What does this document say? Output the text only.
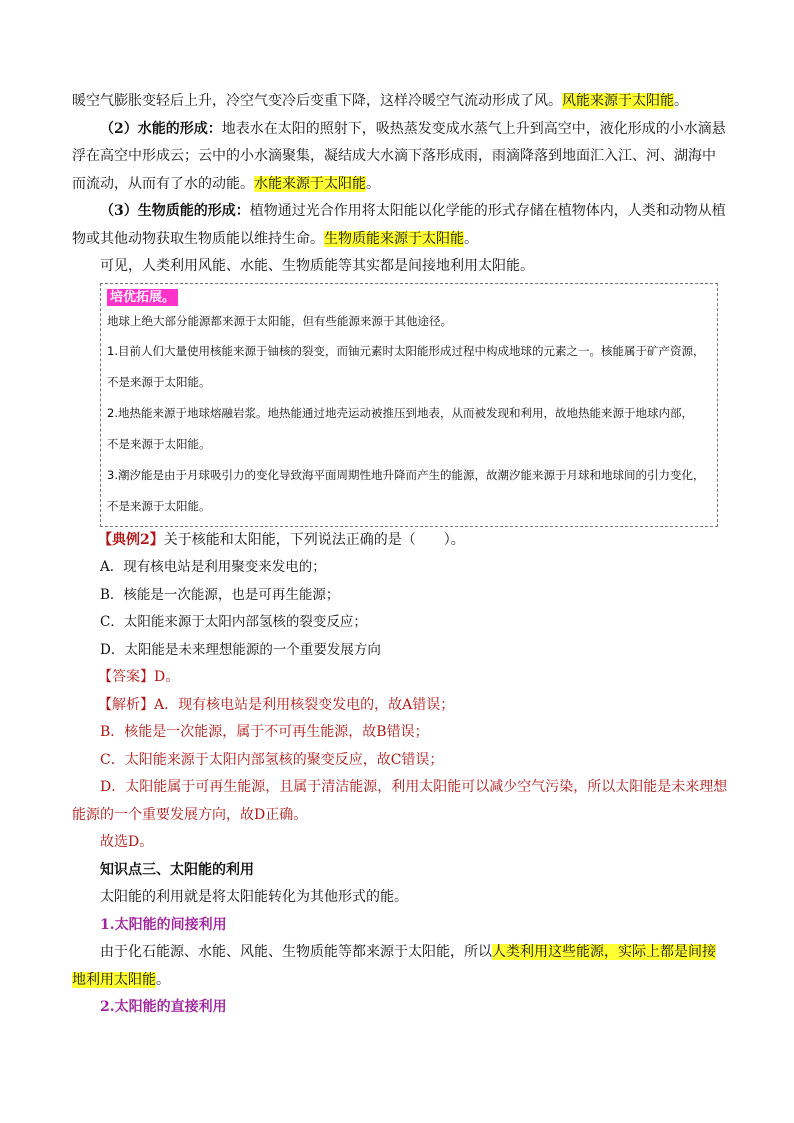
暖空气膨胀变轻后上升，冷空气变冷后变重下降，这样冷暖空气流动形成了风。风能来源于太阳能。

（2）水能的形成：地表水在太阳的照射下，吸热蒸发变成水蒸气上升到高空中，液化形成的小水滴悬

浮在高空中形成云；云中的小水滴聚集，凝结成大水滴下落形成雨，雨滴降落到地面汇入江、河、湖海中

而流动，从而有了水的动能。水能来源于太阳能。

（3）生物质能的形成：植物通过光合作用将太阳能以化学能的形式存储在植物体内，人类和动物从植

物或其他动物获取生物质能以维持生命。生物质能来源于太阳能。

可见，人类利用风能、水能、生物质能等其实都是间接地利用太阳能。

培优拓展。

地球上绝大部分能源都来源于太阳能，但有些能源来源于其他途径。

1.目前人们大量使用核能来源于铀核的裂变，而铀元素时太阳能形成过程中构成地球的元素之一。核能属于矿产资源，

不是来源于太阳能。

2.地热能来源于地球熔融岩浆。地热能通过地壳运动被推压到地表，从而被发现和利用，故地热能来源于地球内部，

不是来源于太阳能。

3.潮汐能是由于月球吸引力的变化导致海平面周期性地升降而产生的能源，故潮汐能来源于月球和地球间的引力变化，

不是来源于太阳能。

【典例2】关于核能和太阳能，下列说法正确的是（　　）。

A．现有核电站是利用聚变来发电的；

B．核能是一次能源，也是可再生能源；

C．太阳能来源于太阳内部氢核的裂变反应；

D．太阳能是未来理想能源的一个重要发展方向

【答案】D。

【解析】A．现有核电站是利用核裂变发电的，故A错误；

B．核能是一次能源，属于不可再生能源，故B错误；

C．太阳能来源于太阳内部氢核的聚变反应，故C错误；

D．太阳能属于可再生能源，且属于清洁能源，利用太阳能可以减少空气污染，所以太阳能是未来理想

能源的一个重要发展方向，故D正确。

故选D。

知识点三、太阳能的利用

太阳能的利用就是将太阳能转化为其他形式的能。

1.太阳能的间接利用

由于化石能源、水能、风能、生物质能等都来源于太阳能，所以人类利用这些能源，实际上都是间接

地利用太阳能。

2.太阳能的直接利用
